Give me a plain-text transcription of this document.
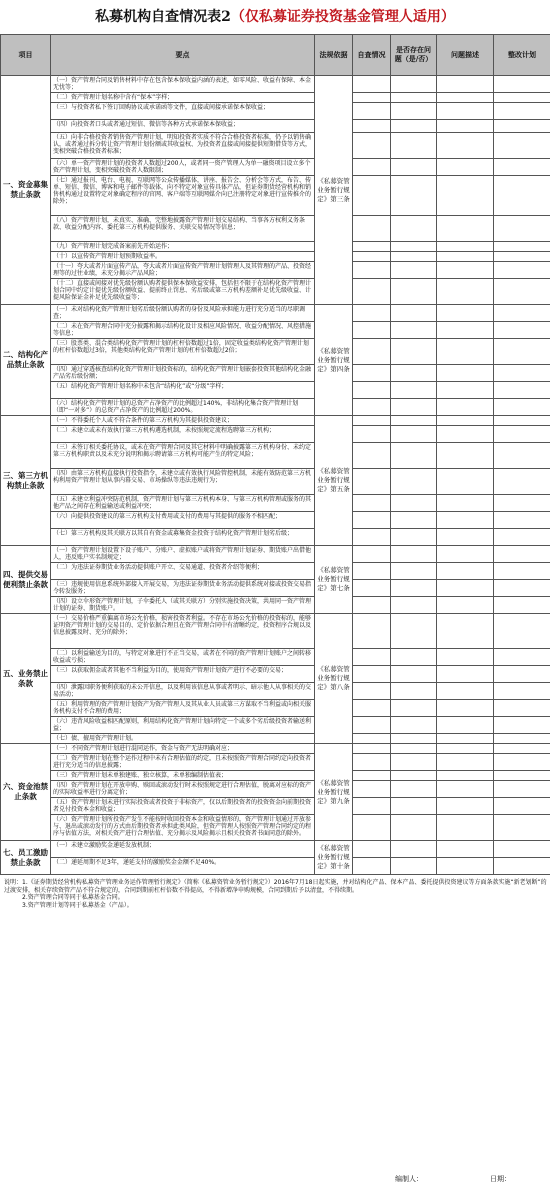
私募机构自查情况表2（仅私募证券投资基金管理人适用）
项目	要点	法规依据	自查情况	是否存在问题（是/否）	问题描述	整改计划
一、资金募集禁止条款	（一）资产管理合同及销售材料中存在包含保本保收益内涵的表述，如零风险、收益有保障、本金无忧等；	《私募资管业务暂行规定》第三条				
	（二）资产管理计划名称中含有“保本”字样；					
	（三）与投资者私下签订回购协议或承诺函等文件，直接或间接承诺保本保收益；					
	（四）向投资者口头或者通过短信、微信等各种方式承诺保本保收益；					
	（五）向非合格投资者销售资产管理计划，明知投资者实质不符合合格投资者标准，仍予以销售确认，或者通过拆分转让资产管理计划份额或其收益权、为投资者直接或间接提供短期借贷等方式，变相突破合格投资者标准；					
	（六）单一资产管理计划的投资者人数超过200人，或者同一资产管理人为单一融资项目设立多个资产管理计划，变相突破投资者人数限制；					
	（七）通过报刊、电台、电视、互联网等公众传播媒体，讲座、报告会、分析会等方式，布告、传单、短信、微信、博客和电子邮件等载体，向不特定对象宣传具体产品，但证券期货经营机构和销售机构通过设置特定对象确定程序的官网、客户端等互联网媒介向已注册特定对象进行宣传推介的除外；					
	（八）资产管理计划，未真实、准确、完整地披露资产管理计划交易结构、当事各方权利义务条款、收益分配内容、委托第三方机构提供服务、关联交易情况等信息；					
	（九）资产管理计划完成备案前先开始运作；					
	（十）以宣传资产管理计划预期收益率。					
	（十一）夸大或者片面宣传产品，夸大或者片面宣传资产管理计划管理人及其管理的产品、投资经理等的过往业绩，未充分揭示产品风险；					
	（十二）直接或间接对优先级份额认购者提供保本保收益安排，包括但不限于在结构化资产管理计划合同中约定计提优先级份额收益、提前终止罚息、劣后级或第三方机构差额补足优先级收益、计提风险保证金补足优先级收益等；					
二、结构化产品禁止条款	（一）未对结构化资产管理计划劣后级份额认购者的身份及风险承担能力进行充分适当的尽职调查；	《私募资管业务暂行规定》第四条				
	（二）未在资产管理合同中充分披露和揭示结构化设计及相应风险情况、收益分配情况、风控措施等信息；					
	（三）股票类、混合类结构化资产管理计划的杠杆倍数超过1倍，固定收益类结构化资产管理计划的杠杆倍数超过3倍，其他类结构化资产管理计划的杠杆倍数超过2倍；					
	（四）通过穿透核查结构化资产管理计划投资标的，结构化资产管理计划嵌套投资其他结构化金融产品劣后级份额；					
	（五）结构化资产管理计划名称中未包含“结构化”或“分级”字样；					
	（六）结构化资产管理计划的总资产占净资产的比例超过140%，非结构化集合资产管理计划（即“一对多”）的总资产占净资产的比例超过200%。					
三、第三方机构禁止条款	（一）不得委托个人或不符合条件的第三方机构为其提供投资建议；	《私募资管业务暂行规定》第五条				
	（二）未建立或未有效执行第三方机构遴选机制，未按照规定流程选聘第三方机构；					
	（三）未签订相关委托协议，或未在资产管理合同及其它材料中明确披露第三方机构身份、未约定第三方机构职责以及未充分说明和揭示聘请第三方机构可能产生的特定风险；					
	（四）由第三方机构直接执行投资指令，未建立或有效执行风险管控机制，未能有效防范第三方机构利用资产管理计划从事内幕交易、市场操纵等违法违规行为；					
	（五）未建立利益冲突防范机制，资产管理计划与第三方机构本身、与第三方机构管理或服务的其他产品之间存在利益输送或利益冲突；					
	（六）向提供投资建议的第三方机构支付费用或支付的费用与其提供的服务不相匹配；					
	（七）第三方机构及其关联方以其自有资金或募集资金投资于结构化资产管理计划劣后级；					
四、提供交易便利禁止条款	（一）资产管理计划设置下设子账户、分账户、虚拟账户或将资产管理计划证券、期货账户出借他人，违反账户实名制规定；	《私募资管业务暂行规定》第七条				
	（二）为违法证券期货业务活动提供账户开立、交易通道、投资者介绍等便利；					
	（三）违规使用信息系统外部接入开展交易，为违法证券期货业务活动提供系统对接或投资交易指令转发服务；					
	（四）设立伞形资产管理计划，子伞委托人（或其关联方）分别实施投资决策，共用同一资产管理计划的证券、期货账户。					
五、业务禁止条款	（一）交易价格严重偏离市场公允价格，损害投资者利益。不存在市场公允价格的投资标的，能够证明资产管理计划的交易目的、定价依据合理且在资产管理合同中有清晰约定，投资程序合规以及信息披露及时、充分的除外；	《私募资管业务暂行规定》第八条				
	（二）以利益输送为目的，与特定对象进行不正当交易，或者在不同的资产管理计划账户之间转移收益或亏损；					
	（三）以获取佣金或者其他不当利益为目的，使用资产管理计划资产进行不必要的交易；					
	（四）泄露因职务便利获取的未公开信息，以及利用该信息从事或者明示、暗示他人从事相关的交易活动；					
	（五）利用管理的资产管理计划资产为资产管理人及其从业人员或第三方谋取不当利益或向相关服务机构支付不合理的费用；					
	（六）违背风险收益相匹配原则，利用结构化资产管理计划向特定一个或多个劣后级投资者输送利益；					
	（七）债、擅用资产管理计划。					
六、资金池禁止条款	（一）不同资产管理计划进行混同运作，资金与资产无法明确对应；	《私募资管业务暂行规定》第九条				
	（二）资产管理计划在整个运作过程中未有合理估值的约定，且未按照资产管理合同约定向投资者进行充分适当的信息披露；					
	（三）资产管理计划未单独建账、独立核算，未单独编制估值表；					
	（四）资产管理计划在开放申购、赎回或滚动发行时未按照规定进行合理估值，脱离对应标的资产的实际收益率进行分离定价；					
	（五）资产管理计划未进行实际投资或者投资于非标资产，仅以后期投资者的投资资金向前期投资者兑付投资本金和收益；					
	（六）资产管理计划所投资产发生不能按时收回投资本金和收益情形的，资产管理计划通过开放参与、退出或滚动发行的方式由后期投资者承担此类风险，但资产管理人按照资产管理合同约定的程序与估值方法，对相关资产进行合理估值、充分揭示及风险揭示且相关投资者书面同意的除外。					
七、员工激励禁止条款	（一）未建立激励奖金递延发放机制；	《私募资管业务暂行规定》第十条				
	（二）递延周期不足3年，递延支付的激励奖金金额不足40%。					
说明：1.《证券期货经营机构私募资产管理业务运作管理暂行规定》（简称《私募资管业务暂行规定》）2016年7月18日起实施，并对结构化产品、保本产品、委托提供投资建议等方面条款实施“新老划断”的过渡安排，相关存续资管产品不符合规定的，合同到期前杠杆倍数不得提高，不得新增净申购规模，合同到期后予以清盘，不得续期。
2.资产管理合同等同于私募基金合同。
3.资产管理计划等同于私募基金（产品）。
编制人：	日期：
